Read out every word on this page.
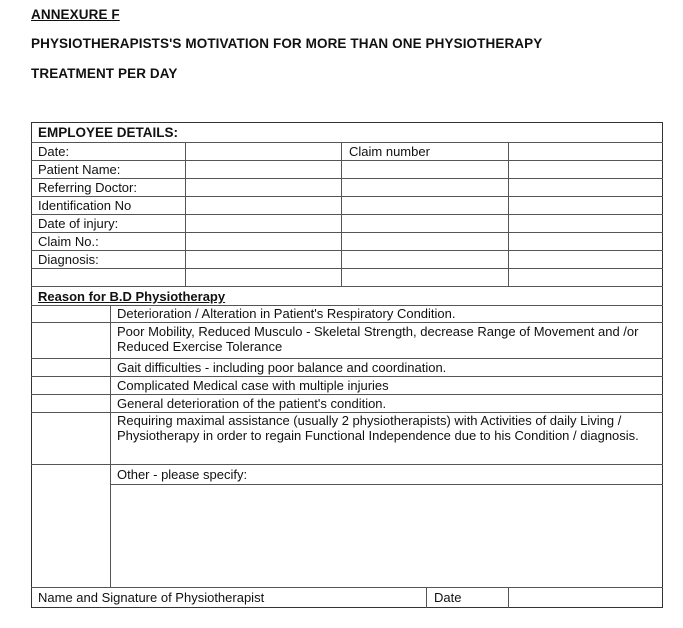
ANNEXURE F
PHYSIOTHERAPISTS'S MOTIVATION FOR MORE THAN ONE PHYSIOTHERAPY
TREATMENT PER DAY
EMPLOYEE DETAILS:
Date:	Claim number
Patient Name:
Referring Doctor:
Identification No
Date of injury:
Claim No.:
Diagnosis:
Reason for B.D Physiotherapy
Deterioration / Alteration in Patient's Respiratory Condition.
Poor Mobility, Reduced Musculo - Skeletal Strength, decrease Range of Movement and /or Reduced Exercise Tolerance
Gait difficulties - including poor balance and coordination.
Complicated Medical case with multiple injuries
General deterioration of the patient's condition.
Requiring maximal assistance (usually 2 physiotherapists) with Activities of daily Living / Physiotherapy in order to regain Functional Independence due to his Condition / diagnosis.
Other - please specify:
Name and Signature of Physiotherapist	Date
